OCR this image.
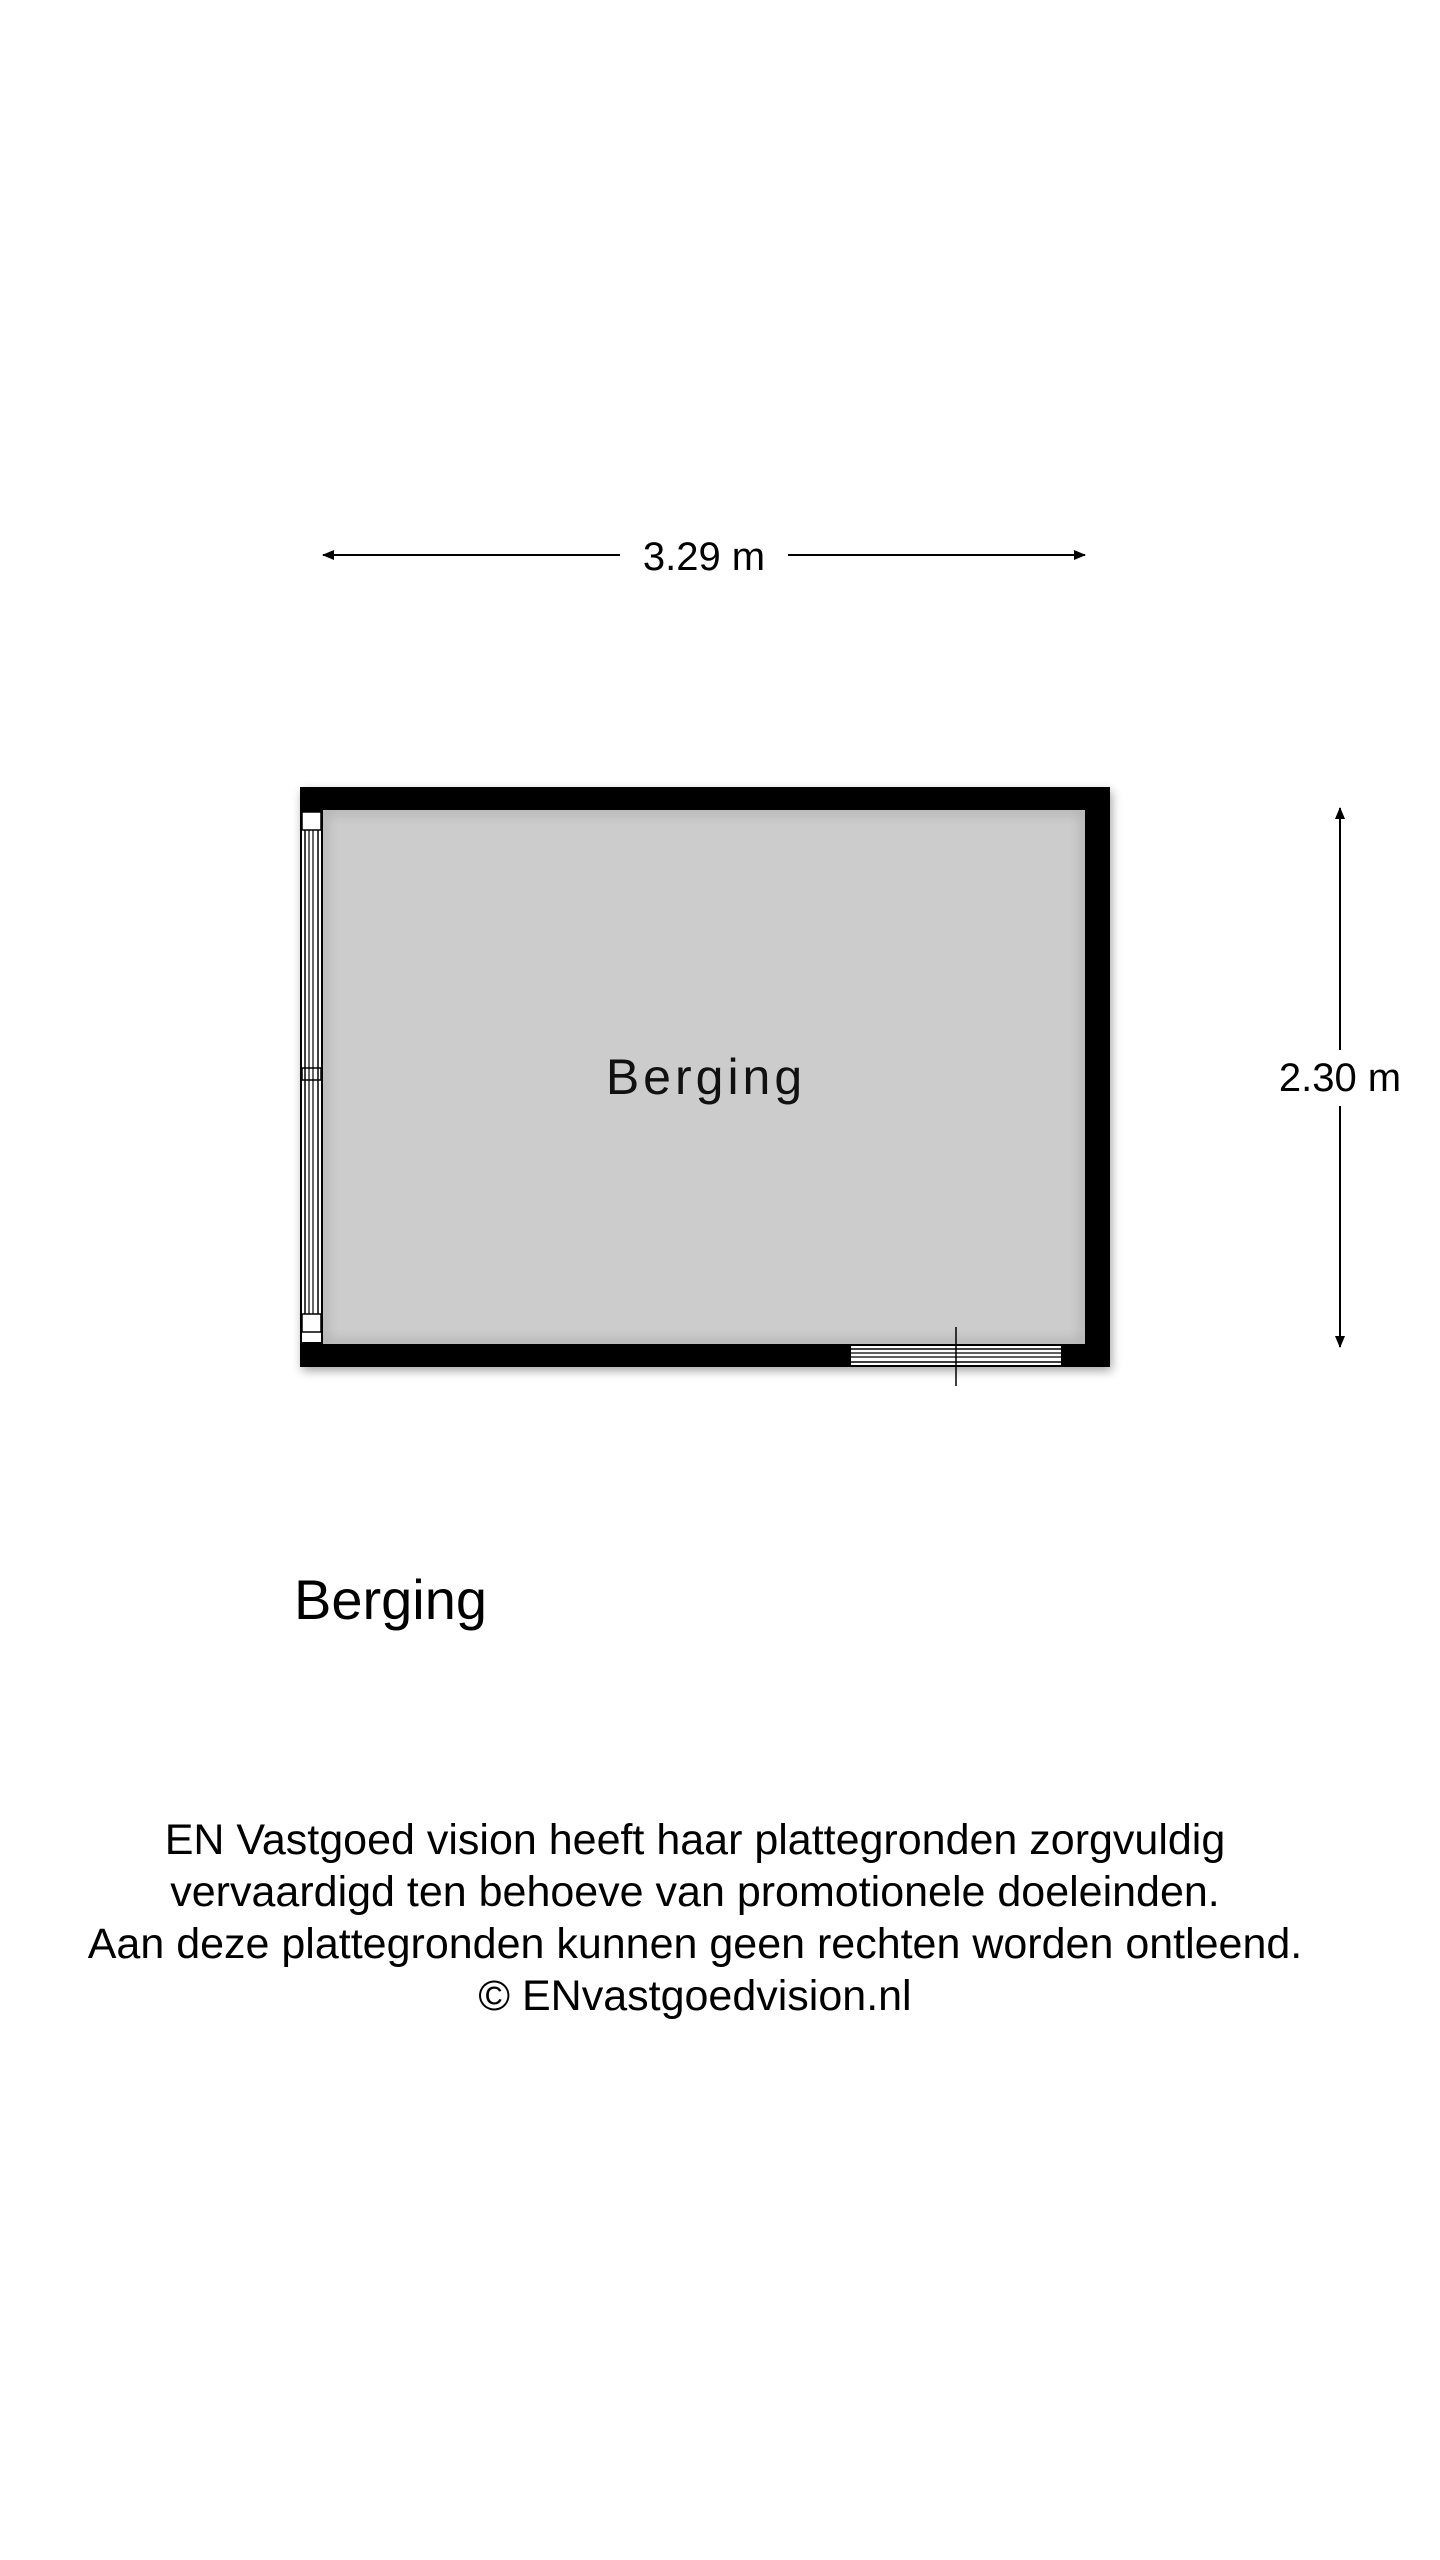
3.29 m
2.30 m
Berging
Berging
EN Vastgoed vision heeft haar plattegronden zorgvuldig
vervaardigd ten behoeve van promotionele doeleinden.
Aan deze plattegronden kunnen geen rechten worden ontleend.
© ENvastgoedvision.nl
